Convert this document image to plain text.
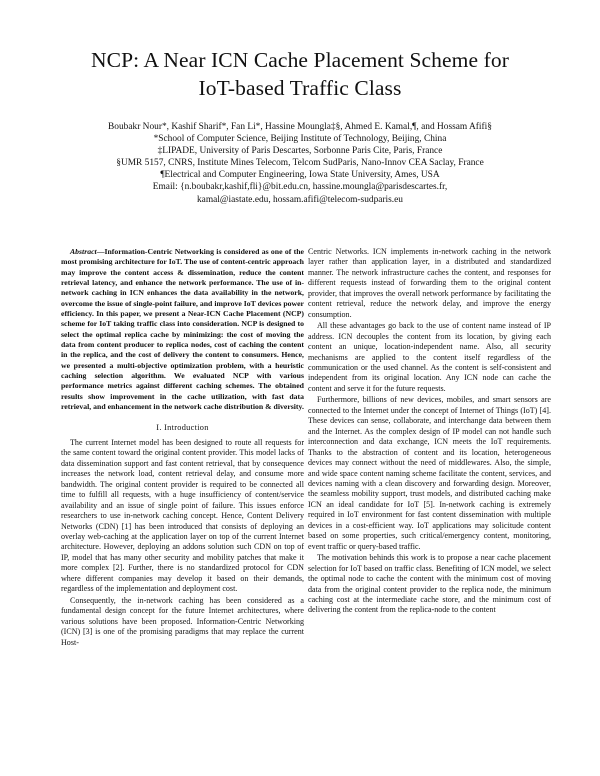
NCP: A Near ICN Cache Placement Scheme for
IoT-based Traffic Class
Boubakr Nour*, Kashif Sharif*, Fan Li*, Hassine Moungla‡§, Ahmed E. Kamal,¶, and Hossam Afifi§
*School of Computer Science, Beijing Institute of Technology, Beijing, China
‡LIPADE, University of Paris Descartes, Sorbonne Paris Cite, Paris, France
§UMR 5157, CNRS, Institute Mines Telecom, Telcom SudParis, Nano-Innov CEA Saclay, France
¶Electrical and Computer Engineering, Iowa State University, Ames, USA
Email: {n.boubakr,kashif,fli}@bit.edu.cn, hassine.moungla@parisdescartes.fr,
kamal@iastate.edu, hossam.afifi@telecom-sudparis.eu

Abstract—Information-Centric Networking is considered as one of the most promising architecture for IoT. The use of content-centric approach may improve the content access & dissemination, reduce the content retrieval latency, and enhance the network performance. The use of in-network caching in ICN enhances the data availability in the network, overcome the issue of single-point failure, and improve IoT devices power efficiency. In this paper, we present a Near-ICN Cache Placement (NCP) scheme for IoT taking traffic class into consideration. NCP is designed to select the optimal replica cache by minimizing: the cost of moving the data from content producer to replica nodes, cost of caching the content in the replica, and the cost of delivery the content to consumers. Hence, we presented a multi-objective optimization problem, with a heuristic caching selection algorithm. We evaluated NCP with various performance metrics against different caching schemes. The obtained results show improvement in the cache utilization, with fast data retrieval, and enhancement in the network cache distribution & diversity.

I. Introduction

The current Internet model has been designed to route all requests for the same content toward the original content provider. This model lacks of data dissemination support and fast content retrieval, that by consequence increases the network load, content retrieval delay, and consume more bandwidth. The original content provider is required to be connected all time to fulfill all requests, with a huge insufficiency of content/service availability and an issue of single point of failure. This issues enforce researchers to use in-network caching concept. Hence, Content Delivery Networks (CDN) [1] has been introduced that consists of deploying an overlay web-caching at the application layer on top of the current Internet architecture. However, deploying an addons solution such CDN on top of IP, model that has many other security and mobility patches that make it more complex [2]. Further, there is no standardized protocol for CDN where different companies may develop it based on their demands, regardless of the implementation and deployment cost.

Consequently, the in-network caching has been considered as a fundamental design concept for the future Internet architectures, where various solutions have been proposed. Information-Centric Networking (ICN) [3] is one of the promising paradigms that may replace the current Host-

Centric Networks. ICN implements in-network caching in the network layer rather than application layer, in a distributed and standardized manner. The network infrastructure caches the content, and responses for different requests instead of forwarding them to the original content provider, that improves the overall network performance by facilitating the content retrieval, reduce the network delay, and improve the energy consumption.

All these advantages go back to the use of content name instead of IP address. ICN decouples the content from its location, by giving each content an unique, location-independent name. Also, all security mechanisms are applied to the content itself regardless of the communication or the used channel. As the content is self-consistent and independent from its original location. Any ICN node can cache the content and serve it for the future requests.

Furthermore, billions of new devices, mobiles, and smart sensors are connected to the Internet under the concept of Internet of Things (IoT) [4]. These devices can sense, collaborate, and interchange data between them and the Internet. As the complex design of IP model can not handle such interconnection and data exchange, ICN meets the IoT requirements. Thanks to the abstraction of content and its location, heterogeneous devices may connect without the need of middlewares. Also, the simple, and wide space content naming scheme facilitate the content, services, and devices naming with a clean discovery and forwarding design. Moreover, the seamless mobility support, trust models, and distributed caching make ICN an ideal candidate for IoT [5]. In-network caching is extremely required in IoT environment for fast content dissemination with multiple devices in a cost-efficient way. IoT applications may solicitude content based on some properties, such critical/emergency content, monitoring, event traffic or query-based traffic.

The motivation behinds this work is to propose a near cache placement selection for IoT based on traffic class. Benefiting of ICN model, we select the optimal node to cache the content with the minimum cost of moving data from the original content provider to the replica node, the minimum caching cost at the intermediate cache store, and the minimum cost of delivering the content from the replica-node to the content
